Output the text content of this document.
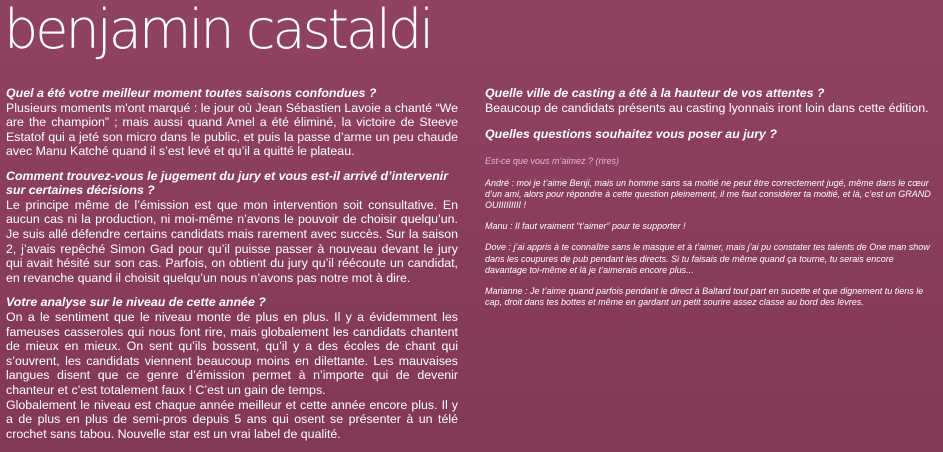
benjamin castaldi

Quel a été votre meilleur moment toutes saisons confondues ?

Plusieurs moments m'ont marqué : le jour où Jean Sébastien Lavoie a chanté “We are the champion” ; mais aussi quand Amel a été éliminé, la victoire de Steeve Estatof qui a jeté son micro dans le public, et puis la passe d’arme un peu chaude avec Manu Katché quand il s’est levé et qu’il a quitté le plateau.

Comment trouvez-vous le jugement du jury et vous est-il arrivé d’intervenir sur certaines décisions ?

Le principe même de l’émission est que mon intervention soit consultative. En aucun cas ni la production, ni moi-même n’avons le pouvoir de choisir quelqu’un. Je suis allé défendre certains candidats mais rarement avec succès. Sur la saison 2, j’avais repêché Simon Gad pour qu’il puisse passer à nouveau devant le jury qui avait hésité sur son cas. Parfois, on obtient du jury qu’il réécoute un candidat, en revanche quand il choisit quelqu’un nous n’avons pas notre mot à dire.

Votre analyse sur le niveau de cette année ?

On a le sentiment que le niveau monte de plus en plus. Il y a évidemment les fameuses casseroles qui nous font rire, mais globalement les candidats chantent de mieux en mieux. On sent qu’ils bossent, qu’il y a des écoles de chant qui s’ouvrent, les candidats viennent beaucoup moins en dilettante. Les mauvaises langues disent que ce genre d’émission permet à n’importe qui de devenir chanteur et c’est totalement faux ! C’est un gain de temps.

Globalement le niveau est chaque année meilleur et cette année encore plus. Il y a de plus en plus de semi-pros depuis 5 ans qui osent se présenter à un télé crochet sans tabou. Nouvelle star est un vrai label de qualité.

Quelle ville de casting a été à la hauteur de vos attentes ?

Beaucoup de candidats présents au casting lyonnais iront loin dans cette édition.

Quelles questions souhaitez vous poser au jury ?

Est-ce que vous m’aimez ? (rires)

André : moi je t’aime Benji, mais un homme sans sa moitié ne peut être correctement jugé, même dans le cœur d’un ami, alors pour répondre à cette question pleinement, il me faut considérer ta moitié, et là, c’est un GRAND OUIIIIIIIII !

Manu : Il faut vraiment “t’aimer” pour te supporter !

Dove : j’ai appris à te connaître sans le masque et à t’aimer, mais j’ai pu constater tes talents de One man show dans les coupures de pub pendant les directs. Si tu faisais de même quand ça tourne, tu serais encore davantage toi-même et là je t’aimerais encore plus...

Marianne : Je t’aime quand parfois pendant le direct à Baltard tout part en sucette et que dignement tu tiens le cap, droit dans tes bottes et même en gardant un petit sourire assez classe au bord des lèvres.
